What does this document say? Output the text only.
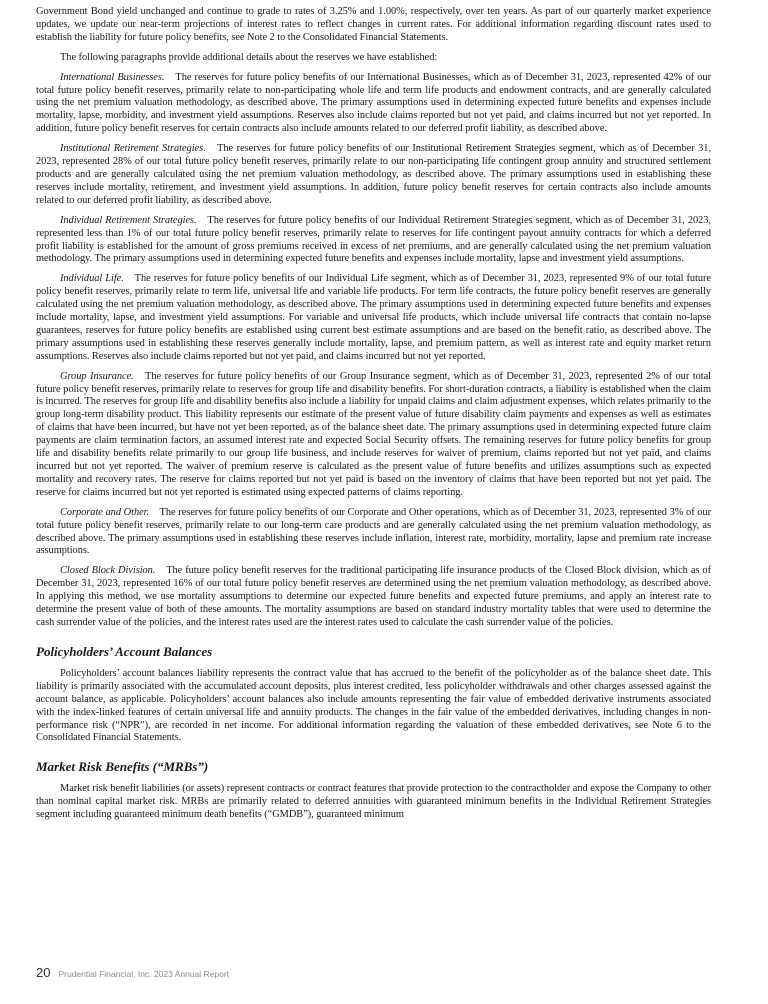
Government Bond yield unchanged and continue to grade to rates of 3.25% and 1.00%, respectively, over ten years. As part of our quarterly market experience updates, we update our near-term projections of interest rates to reflect changes in current rates. For additional information regarding discount rates used to establish the liability for future policy benefits, see Note 2 to the Consolidated Financial Statements.

The following paragraphs provide additional details about the reserves we have established:

International Businesses. The reserves for future policy benefits of our International Businesses, which as of December 31, 2023, represented 42% of our total future policy benefit reserves, primarily relate to non-participating whole life and term life products and endowment contracts, and are generally calculated using the net premium valuation methodology, as described above. The primary assumptions used in determining expected future benefits and expenses include mortality, lapse, morbidity, and investment yield assumptions. Reserves also include claims reported but not yet paid, and claims incurred but not yet reported. In addition, future policy benefit reserves for certain contracts also include amounts related to our deferred profit liability, as described above.

Institutional Retirement Strategies. The reserves for future policy benefits of our Institutional Retirement Strategies segment, which as of December 31, 2023, represented 28% of our total future policy benefit reserves, primarily relate to our non-participating life contingent group annuity and structured settlement products and are generally calculated using the net premium valuation methodology, as described above. The primary assumptions used in establishing these reserves include mortality, retirement, and investment yield assumptions. In addition, future policy benefit reserves for certain contracts also include amounts related to our deferred profit liability, as described above.

Individual Retirement Strategies. The reserves for future policy benefits of our Individual Retirement Strategies segment, which as of December 31, 2023, represented less than 1% of our total future policy benefit reserves, primarily relate to reserves for life contingent payout annuity contracts for which a deferred profit liability is established for the amount of gross premiums received in excess of net premiums, and are generally calculated using the net premium valuation methodology. The primary assumptions used in determining expected future benefits and expenses include mortality, lapse and investment yield assumptions.

Individual Life. The reserves for future policy benefits of our Individual Life segment, which as of December 31, 2023, represented 9% of our total future policy benefit reserves, primarily relate to term life, universal life and variable life products. For term life contracts, the future policy benefit reserves are generally calculated using the net premium valuation methodology, as described above. The primary assumptions used in determining expected future benefits and expenses include mortality, lapse, and investment yield assumptions. For variable and universal life products, which include universal life contracts that contain no-lapse guarantees, reserves for future policy benefits are established using current best estimate assumptions and are based on the benefit ratio, as described above. The primary assumptions used in establishing these reserves generally include mortality, lapse, and premium pattern, as well as interest rate and equity market return assumptions. Reserves also include claims reported but not yet paid, and claims incurred but not yet reported.

Group Insurance. The reserves for future policy benefits of our Group Insurance segment, which as of December 31, 2023, represented 2% of our total future policy benefit reserves, primarily relate to reserves for group life and disability benefits. For short-duration contracts, a liability is established when the claim is incurred. The reserves for group life and disability benefits also include a liability for unpaid claims and claim adjustment expenses, which relates primarily to the group long-term disability product. This liability represents our estimate of the present value of future disability claim payments and expenses as well as estimates of claims that have been incurred, but have not yet been reported, as of the balance sheet date. The primary assumptions used in determining expected future claim payments are claim termination factors, an assumed interest rate and expected Social Security offsets. The remaining reserves for future policy benefits for group life and disability benefits relate primarily to our group life business, and include reserves for waiver of premium, claims reported but not yet paid, and claims incurred but not yet reported. The waiver of premium reserve is calculated as the present value of future benefits and utilizes assumptions such as expected mortality and recovery rates. The reserve for claims reported but not yet paid is based on the inventory of claims that have been reported but not yet paid. The reserve for claims incurred but not yet reported is estimated using expected patterns of claims reporting.

Corporate and Other. The reserves for future policy benefits of our Corporate and Other operations, which as of December 31, 2023, represented 3% of our total future policy benefit reserves, primarily relate to our long-term care products and are generally calculated using the net premium valuation methodology, as described above. The primary assumptions used in establishing these reserves include inflation, interest rate, morbidity, mortality, lapse and premium rate increase assumptions.

Closed Block Division. The future policy benefit reserves for the traditional participating life insurance products of the Closed Block division, which as of December 31, 2023, represented 16% of our total future policy benefit reserves are determined using the net premium valuation methodology, as described above. In applying this method, we use mortality assumptions to determine our expected future benefits and expected future premiums, and apply an interest rate to determine the present value of both of these amounts. The mortality assumptions are based on standard industry mortality tables that were used to determine the cash surrender value of the policies, and the interest rates used are the interest rates used to calculate the cash surrender value of the policies.

Policyholders’ Account Balances

Policyholders’ account balances liability represents the contract value that has accrued to the benefit of the policyholder as of the balance sheet date. This liability is primarily associated with the accumulated account deposits, plus interest credited, less policyholder withdrawals and other charges assessed against the account balance, as applicable. Policyholders’ account balances also include amounts representing the fair value of embedded derivative instruments associated with the index-linked features of certain universal life and annuity products. The changes in the fair value of the embedded derivatives, including changes in non-performance risk (“NPR”), are recorded in net income. For additional information regarding the valuation of these embedded derivatives, see Note 6 to the Consolidated Financial Statements.

Market Risk Benefits (“MRBs”)

Market risk benefit liabilities (or assets) represent contracts or contract features that provide protection to the contractholder and expose the Company to other than nominal capital market risk. MRBs are primarily related to deferred annuities with guaranteed minimum benefits in the Individual Retirement Strategies segment including guaranteed minimum death benefits (“GMDB”), guaranteed minimum

20 Prudential Financial, Inc. 2023 Annual Report
